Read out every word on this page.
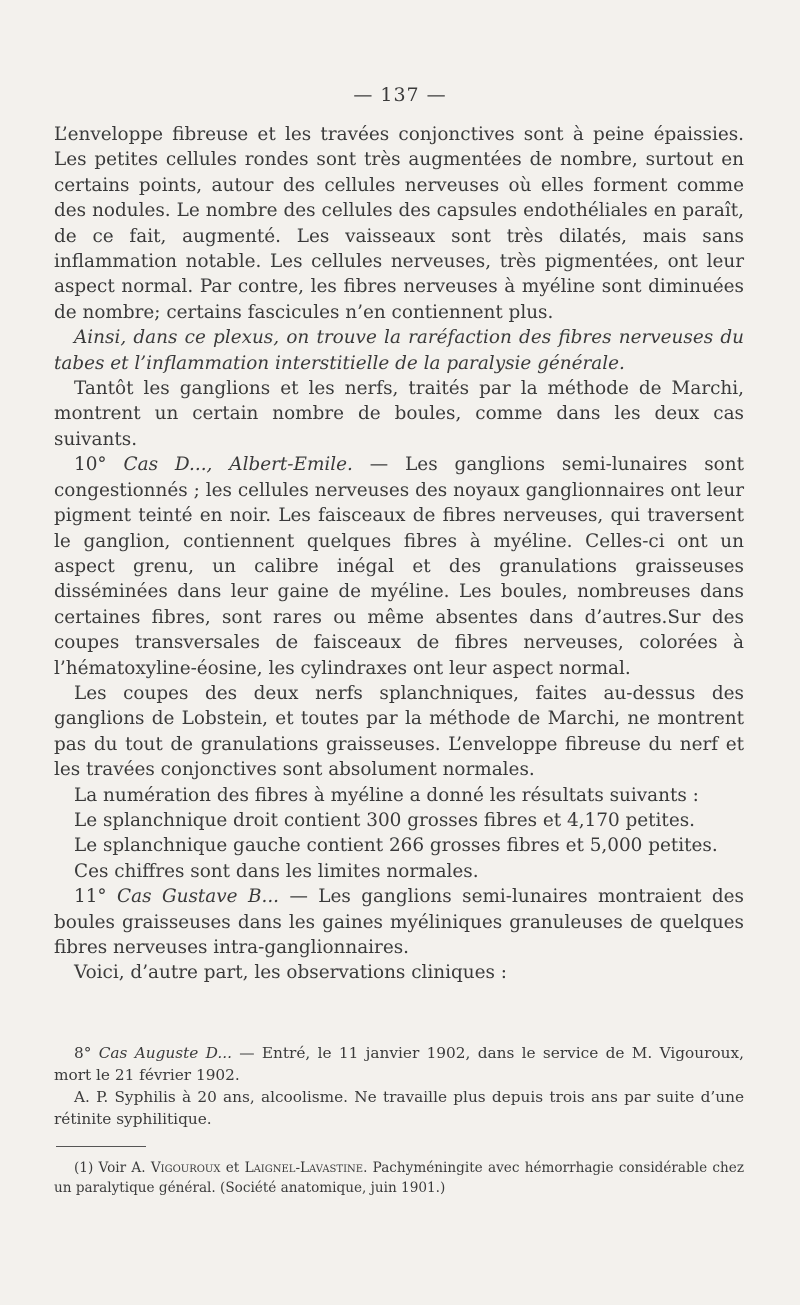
— 137 —

L’enveloppe fibreuse et les travées conjonctives sont à peine épaissies. Les petites cellules rondes sont très augmentées de nombre, surtout en certains points, autour des cellules nerveuses où elles forment comme des nodules. Le nombre des cellules des capsules endothéliales en paraît, de ce fait, augmenté. Les vaisseaux sont très dilatés, mais sans inflammation notable. Les cellules nerveuses, très pigmentées, ont leur aspect normal. Par contre, les fibres nerveuses à myéline sont diminuées de nombre; certains fascicules n’en contiennent plus.

Ainsi, dans ce plexus, on trouve la raréfaction des fibres nerveuses du tabes et l’inflammation interstitielle de la paralysie générale.

Tantôt les ganglions et les nerfs, traités par la méthode de Marchi, montrent un certain nombre de boules, comme dans les deux cas suivants.

10° Cas D..., Albert-Emile. — Les ganglions semi-lunaires sont congestionnés ; les cellules nerveuses des noyaux ganglionnaires ont leur pigment teinté en noir. Les faisceaux de fibres nerveuses, qui traversent le ganglion, contiennent quelques fibres à myéline. Celles-ci ont un aspect grenu, un calibre inégal et des granulations graisseuses disséminées dans leur gaine de myéline. Les boules, nombreuses dans certaines fibres, sont rares ou même absentes dans d’autres.Sur des coupes transversales de faisceaux de fibres nerveuses, colorées à l’hématoxyline-éosine, les cylindraxes ont leur aspect normal.

Les coupes des deux nerfs splanchniques, faites au-dessus des ganglions de Lobstein, et toutes par la méthode de Marchi, ne montrent pas du tout de granulations graisseuses. L’enveloppe fibreuse du nerf et les travées conjonctives sont absolument normales.

La numération des fibres à myéline a donné les résultats suivants :

Le splanchnique droit contient 300 grosses fibres et 4,170 petites.

Le splanchnique gauche contient 266 grosses fibres et 5,000 petites.

Ces chiffres sont dans les limites normales.

11° Cas Gustave B... — Les ganglions semi-lunaires montraient des boules graisseuses dans les gaines myéliniques granuleuses de quelques fibres nerveuses intra-ganglionnaires.

Voici, d’autre part, les observations cliniques :

8° Cas Auguste D... — Entré, le 11 janvier 1902, dans le service de M. Vigouroux, mort le 21 février 1902.

A. P. Syphilis à 20 ans, alcoolisme. Ne travaille plus depuis trois ans par suite d’une rétinite syphilitique.

(1) Voir A. Vigouroux et Laignel-Lavastine. Pachyméningite avec hémorrhagie considérable chez un paralytique général. (Société anatomique, juin 1901.)
